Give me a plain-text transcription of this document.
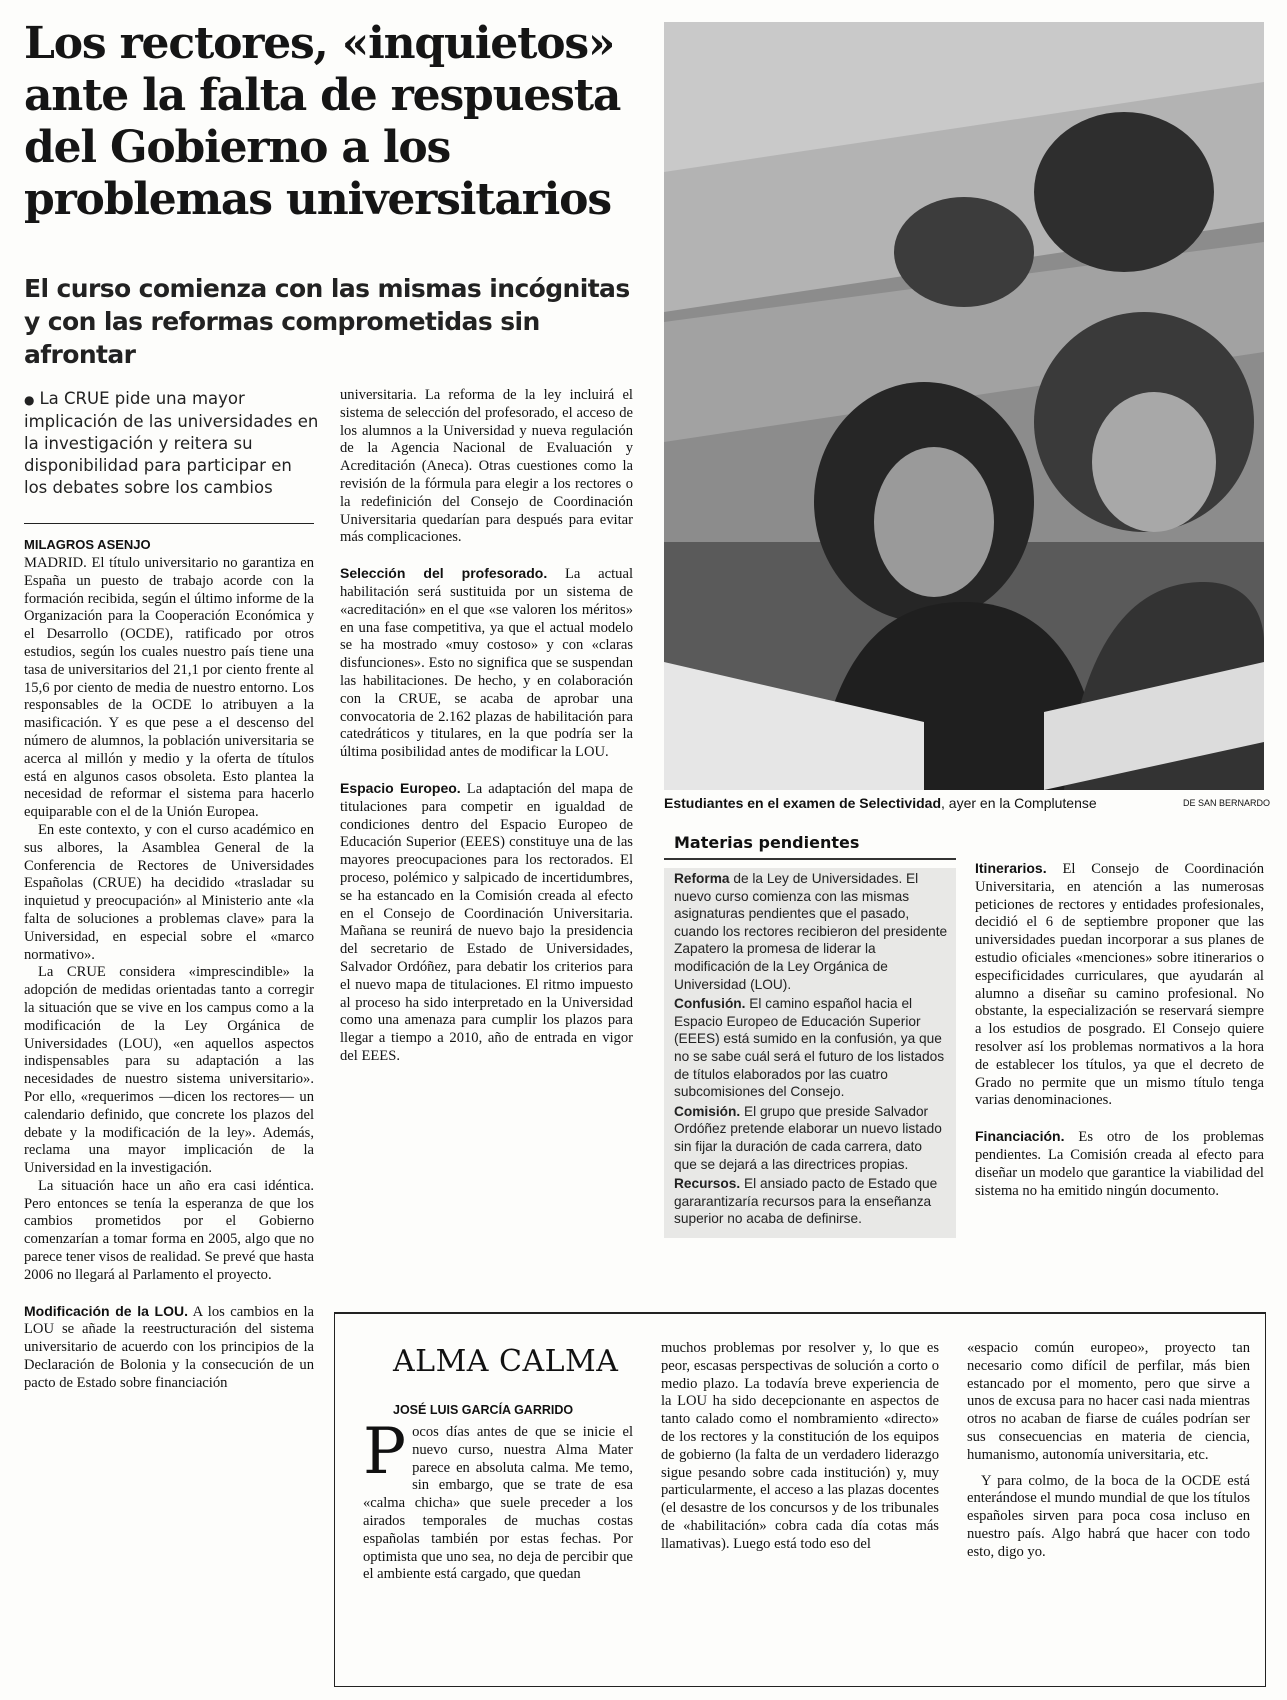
Los rectores, «inquietos» ante la falta de respuesta del Gobierno a los problemas universitarios
El curso comienza con las mismas incógnitas y con las reformas comprometidas sin afrontar
● La CRUE pide una mayor implicación de las universidades en la investigación y reitera su disponibilidad para participar en los debates sobre los cambios
MILAGROS ASENJO

MADRID. El título universitario no garantiza en España un puesto de trabajo acorde con la formación recibida, según el último informe de la Organización para la Cooperación Económica y el Desarrollo (OCDE), ratificado por otros estudios, según los cuales nuestro país tiene una tasa de universitarios del 21,1 por ciento frente al 15,6 por ciento de media de nuestro entorno. Los responsables de la OCDE lo atribuyen a la masificación. Y es que pese a el descenso del número de alumnos, la población universitaria se acerca al millón y medio y la oferta de títulos está en algunos casos obsoleta. Esto plantea la necesidad de reformar el sistema para hacerlo equiparable con el de la Unión Europea.

En este contexto, y con el curso académico en sus albores, la Asamblea General de la Conferencia de Rectores de Universidades Españolas (CRUE) ha decidido «trasladar su inquietud y preocupación» al Ministerio ante «la falta de soluciones a problemas clave» para la Universidad, en especial sobre el «marco normativo».

La CRUE considera «imprescindible» la adopción de medidas orientadas tanto a corregir la situación que se vive en los campus como a la modificación de la Ley Orgánica de Universidades (LOU), «en aquellos aspectos indispensables para su adaptación a las necesidades de nuestro sistema universitario». Por ello, «requerimos —dicen los rectores— un calendario definido, que concrete los plazos del debate y la modificación de la ley». Además, reclama una mayor implicación de la Universidad en la investigación.

La situación hace un año era casi idéntica. Pero entonces se tenía la esperanza de que los cambios prometidos por el Gobierno comenzarían a tomar forma en 2005, algo que no parece tener visos de realidad. Se prevé que hasta 2006 no llegará al Parlamento el proyecto.

Modificación de la LOU. A los cambios en la LOU se añade la reestructuración del sistema universitario de acuerdo con los principios de la Declaración de Bolonia y la consecución de un pacto de Estado sobre financiación

universitaria. La reforma de la ley incluirá el sistema de selección del profesorado, el acceso de los alumnos a la Universidad y nueva regulación de la Agencia Nacional de Evaluación y Acreditación (Aneca). Otras cuestiones como la revisión de la fórmula para elegir a los rectores o la redefinición del Consejo de Coordinación Universitaria quedarían para después para evitar más complicaciones.

Selección del profesorado. La actual habilitación será sustituida por un sistema de «acreditación» en el que «se valoren los méritos» en una fase competitiva, ya que el actual modelo se ha mostrado «muy costoso» y con «claras disfunciones». Esto no significa que se suspendan las habilitaciones. De hecho, y en colaboración con la CRUE, se acaba de aprobar una convocatoria de 2.162 plazas de habilitación para catedráticos y titulares, en la que podría ser la última posibilidad antes de modificar la LOU.

Espacio Europeo. La adaptación del mapa de titulaciones para competir en igualdad de condiciones dentro del Espacio Europeo de Educación Superior (EEES) constituye una de las mayores preocupaciones para los rectorados. El proceso, polémico y salpicado de incertidumbres, se ha estancado en la Comisión creada al efecto en el Consejo de Coordinación Universitaria. Mañana se reunirá de nuevo bajo la presidencia del secretario de Estado de Universidades, Salvador Ordóñez, para debatir los criterios para el nuevo mapa de titulaciones. El ritmo impuesto al proceso ha sido interpretado en la Universidad como una amenaza para cumplir los plazos para llegar a tiempo a 2010, año de entrada en vigor del EEES.

Estudiantes en el examen de Selectividad, ayer en la Complutense	DE SAN BERNARDO
Materias pendientes

Reforma de la Ley de Universidades. El nuevo curso comienza con las mismas asignaturas pendientes que el pasado, cuando los rectores recibieron del presidente Zapatero la promesa de liderar la modificación de la Ley Orgánica de Universidad (LOU).

Confusión. El camino español hacia el Espacio Europeo de Educación Superior (EEES) está sumido en la confusión, ya que no se sabe cuál será el futuro de los listados de títulos elaborados por las cuatro subcomisiones del Consejo.

Comisión. El grupo que preside Salvador Ordóñez pretende elaborar un nuevo listado sin fijar la duración de cada carrera, dato que se dejará a las directrices propias.

Recursos. El ansiado pacto de Estado que gararantizaría recursos para la enseñanza superior no acaba de definirse.

Itinerarios. El Consejo de Coordinación Universitaria, en atención a las numerosas peticiones de rectores y entidades profesionales, decidió el 6 de septiembre proponer que las universidades puedan incorporar a sus planes de estudio oficiales «menciones» sobre itinerarios o especificidades curriculares, que ayudarán al alumno a diseñar su camino profesional. No obstante, la especialización se reservará siempre a los estudios de posgrado. El Consejo quiere resolver así los problemas normativos a la hora de establecer los títulos, ya que el decreto de Grado no permite que un mismo título tenga varias denominaciones.

Financiación. Es otro de los problemas pendientes. La Comisión creada al efecto para diseñar un modelo que garantice la viabilidad del sistema no ha emitido ningún documento.

ALMA CALMA
JOSÉ LUIS GARCÍA GARRIDO

Pocos días antes de que se inicie el nuevo curso, nuestra Alma Mater parece en absoluta calma. Me temo, sin embargo, que se trate de esa «calma chicha» que suele preceder a los airados temporales de muchas costas españolas también por estas fechas. Por optimista que uno sea, no deja de percibir que el ambiente está cargado, que quedan

muchos problemas por resolver y, lo que es peor, escasas perspectivas de solución a corto o medio plazo. La todavía breve experiencia de la LOU ha sido decepcionante en aspectos de tanto calado como el nombramiento «directo» de los rectores y la constitución de los equipos de gobierno (la falta de un verdadero liderazgo sigue pesando sobre cada institución) y, muy particularmente, el acceso a las plazas docentes (el desastre de los concursos y de los tribunales de «habilitación» cobra cada día cotas más llamativas). Luego está todo eso del

«espacio común europeo», proyecto tan necesario como difícil de perfilar, más bien estancado por el momento, pero que sirve a unos de excusa para no hacer casi nada mientras otros no acaban de fiarse de cuáles podrían ser sus consecuencias en materia de ciencia, humanismo, autonomía universitaria, etc.

Y para colmo, de la boca de la OCDE está enterándose el mundo mundial de que los títulos españoles sirven para poca cosa incluso en nuestro país. Algo habrá que hacer con todo esto, digo yo.
